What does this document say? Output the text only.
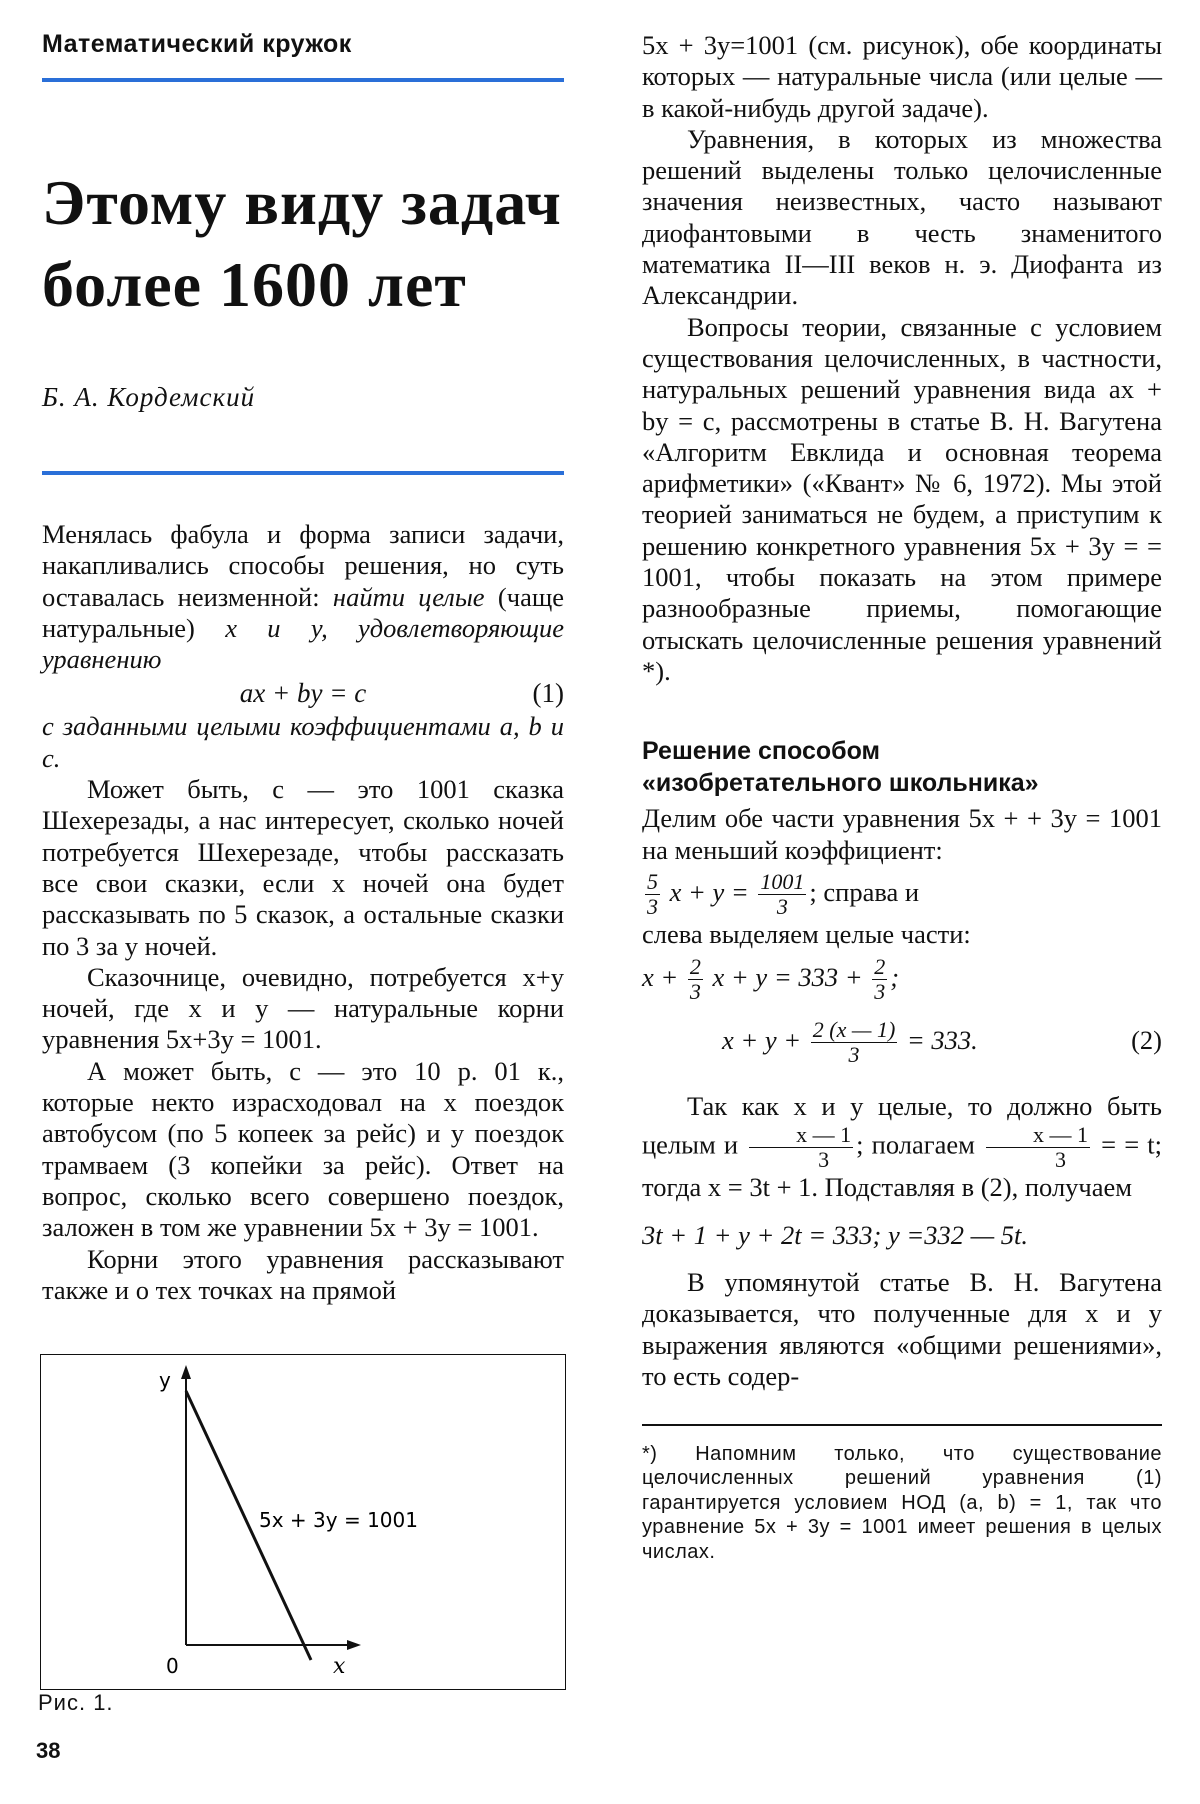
Математический кружок
Этому виду задач
более 1600 лет
Б. А. Кордемский

Менялась фабула и форма записи задачи, накапливались способы решения, но суть оставалась неизменной: найти целые (чаще натуральные) x и y, удовлетворяющие уравнению

ax + by = c	(1)

с заданными целыми коэффициентами a, b и c.

Может быть, c — это 1001 сказка Шехерезады, а нас интересует, сколько ночей потребуется Шехерезаде, чтобы рассказать все свои сказки, если x ночей она будет рассказывать по 5 сказок, а остальные сказки по 3 за y ночей.

Сказочнице, очевидно, потребуется x+y ночей, где x и y — натуральные корни уравнения 5x+3y = 1001.

А может быть, c — это 10 р. 01 к., которые некто израсходовал на x поездок автобусом (по 5 копеек за рейс) и y поездок трамваем (3 копейки за рейс). Ответ на вопрос, сколько всего совершено поездок, заложен в том же уравнении 5x + 3y = 1001.

Корни этого уравнения рассказывают также и о тех точках на прямой

y
x
0
5x + 3y = 1001
Рис. 1.
38

5x + 3y=1001 (см. рисунок), обе координаты которых — натуральные числа (или целые — в какой-нибудь другой задаче).

Уравнения, в которых из множества решений выделены только целочисленные значения неизвестных, часто называют диофантовыми в честь знаменитого математика II—III веков н. э. Диофанта из Александрии.

Вопросы теории, связанные с условием существования целочисленных, в частности, натуральных решений уравнения вида ax + by = c, рассмотрены в статье В. Н. Вагутена «Алгоритм Евклида и основная теорема арифметики» («Квант» № 6, 1972). Мы этой теорией заниматься не будем, а приступим к решению конкретного уравнения 5x + 3y = = 1001, чтобы показать на этом примере разнообразные приемы, помогающие отыскать целочисленные решения уравнений *).

Решение способом
«изобретательного школьника»

Делим обе части уравнения 5x + + 3y = 1001 на меньший коэффициент:

$\frac{5}{3}$ $x + y = \frac{1001}{3}$ ; справа и

слева выделяем целые части:

$x + \frac{2}{3}$ $x + y = 333 + \frac{2}{3}$ ;
$x + y + \frac{2 (x — 1)}{3} = 333$.	(2)

Так как x и y целые, то должно быть целым и $\frac{x — 1}{3}$ ; полагаем $\frac{x — 1}{3}$ = = t; тогда x = 3t + 1. Подставляя в (2), получаем

3t + 1 + y + 2t = 333; y =332 — 5t.

В упомянутой статье В. Н. Вагутена доказывается, что полученные для x и y выражения являются «общими решениями», то есть содер-

*) Напомним только, что существование целочисленных решений уравнения (1) гарантируется условием НОД (a, b) = 1, так что уравнение 5x + 3y = 1001 имеет решения в целых числах.
